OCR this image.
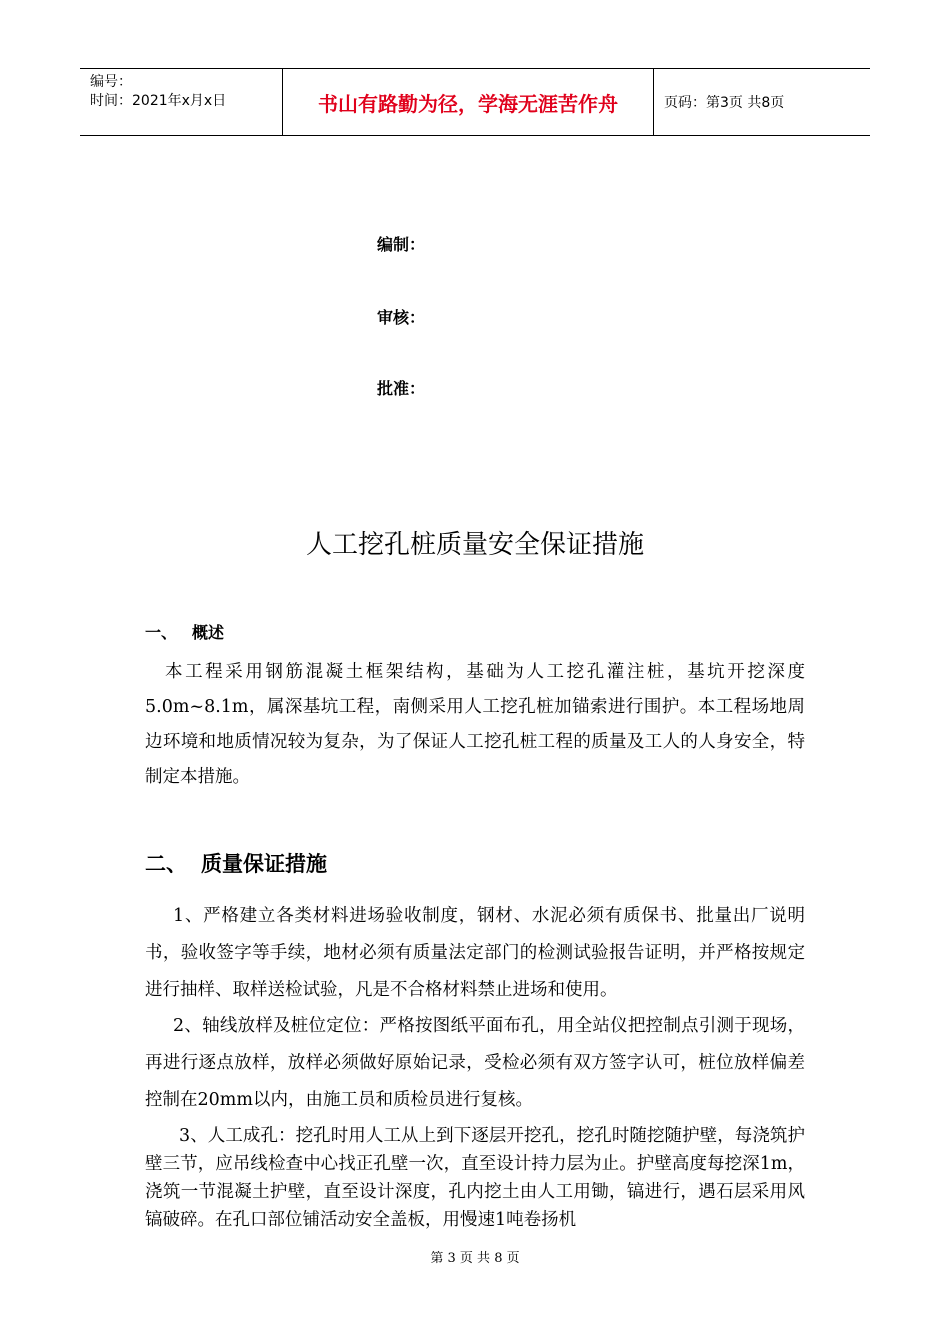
编号：
时间：2021年x月x日	书山有路勤为径，学海无涯苦作舟	页码：第3页 共8页
编制：
审核：
批准：
人工挖孔桩质量安全保证措施
一、 概述

本工程采用钢筋混凝土框架结构，基础为人工挖孔灌注桩，基坑开挖深度5.0m~8.1m，属深基坑工程，南侧采用人工挖孔桩加锚索进行围护。本工程场地周边环境和地质情况较为复杂，为了保证人工挖孔桩工程的质量及工人的人身安全，特制定本措施。

二、 质量保证措施

1、严格建立各类材料进场验收制度，钢材、水泥必须有质保书、批量出厂说明书，验收签字等手续，地材必须有质量法定部门的检测试验报告证明，并严格按规定进行抽样、取样送检试验，凡是不合格材料禁止进场和使用。

2、轴线放样及桩位定位：严格按图纸平面布孔，用全站仪把控制点引测于现场，再进行逐点放样，放样必须做好原始记录，受检必须有双方签字认可，桩位放样偏差控制在20mm以内，由施工员和质检员进行复核。

3、人工成孔：挖孔时用人工从上到下逐层开挖孔，挖孔时随挖随护壁，每浇筑护壁三节，应吊线检查中心找正孔壁一次，直至设计持力层为止。护壁高度每挖深1m，浇筑一节混凝土护壁，直至设计深度，孔内挖土由人工用锄，镐进行，遇石层采用风镐破碎。在孔口部位铺活动安全盖板，用慢速1吨卷扬机

第 3 页 共 8 页
